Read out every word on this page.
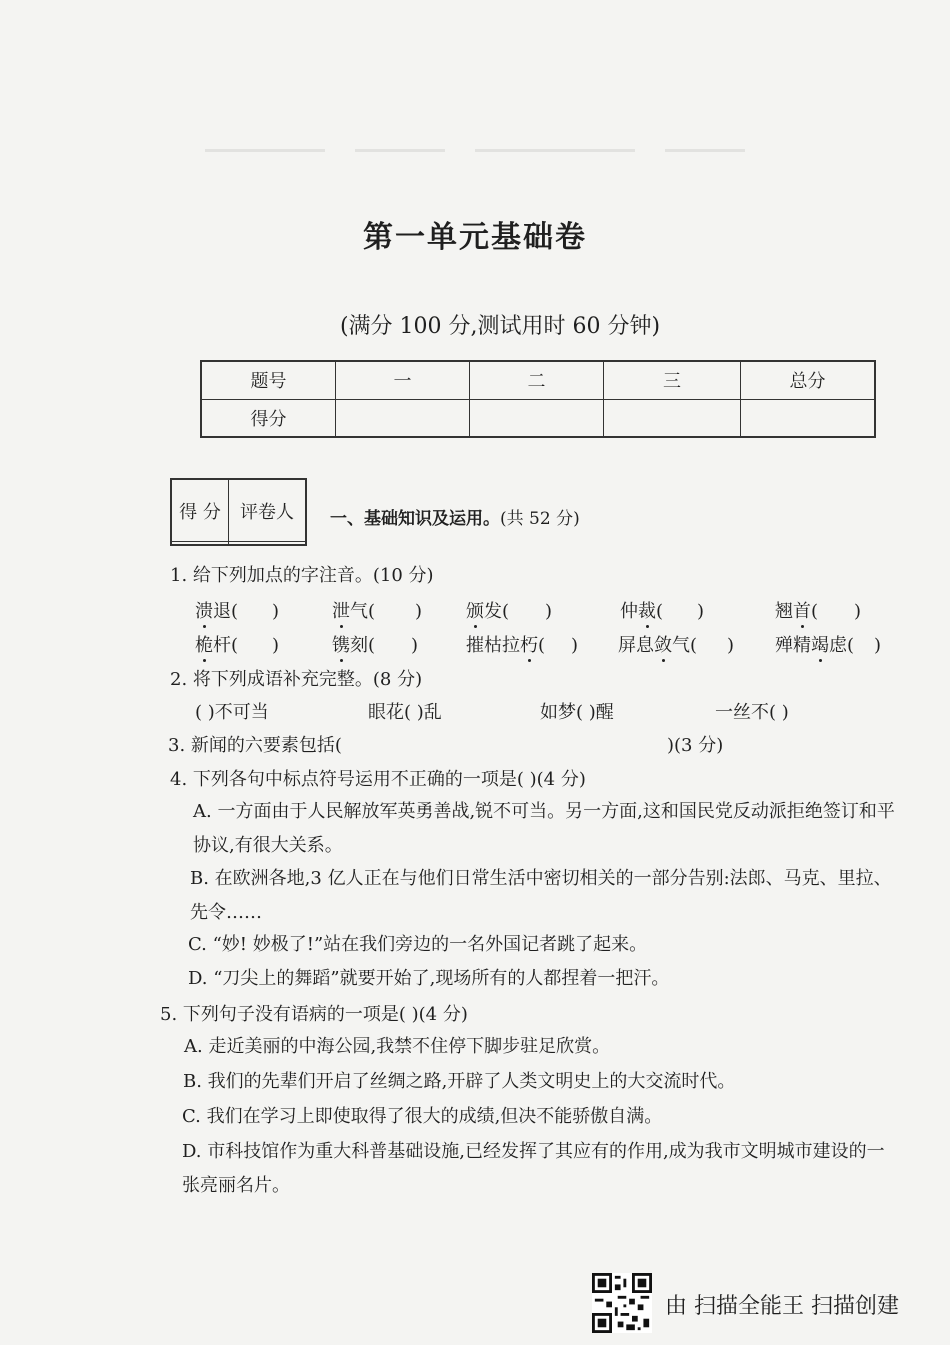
第一单元基础卷
(满分 100 分,测试用时 60 分钟)
题号	一	二	三	总分
得分				
得 分	评卷人
	一、基础知识及运用。(共 52 分)
1. 给下列加点的字注音。(10 分)
溃退( )	泄气( ) 颁发( )	仲裁( )	翘首( )
桅杆( )	镌刻( )	摧枯拉朽( ) 屏息敛气( ) 殚精竭虑( )
2. 将下列成语补充完整。(8 分)
( )不可当	眼花( )乱	如梦( )醒	一丝不( )
3. 新闻的六要素包括(	)(3 分)
4. 下列各句中标点符号运用不正确的一项是( )(4 分)
A. 一方面由于人民解放军英勇善战,锐不可当。另一方面,这和国民党反动派拒绝签订和平协议,有很大关系。
B. 在欧洲各地,3 亿人正在与他们日常生活中密切相关的一部分告别:法郎、马克、里拉、先令……
C. “妙! 妙极了!”站在我们旁边的一名外国记者跳了起来。
D. “刀尖上的舞蹈”就要开始了,现场所有的人都捏着一把汗。
5. 下列句子没有语病的一项是( )(4 分)
A. 走近美丽的中海公园,我禁不住停下脚步驻足欣赏。
B. 我们的先辈们开启了丝绸之路,开辟了人类文明史上的大交流时代。
C. 我们在学习上即使取得了很大的成绩,但决不能骄傲自满。
D. 市科技馆作为重大科普基础设施,已经发挥了其应有的作用,成为我市文明城市建设的一张亮丽名片。
由 扫描全能王 扫描创建
